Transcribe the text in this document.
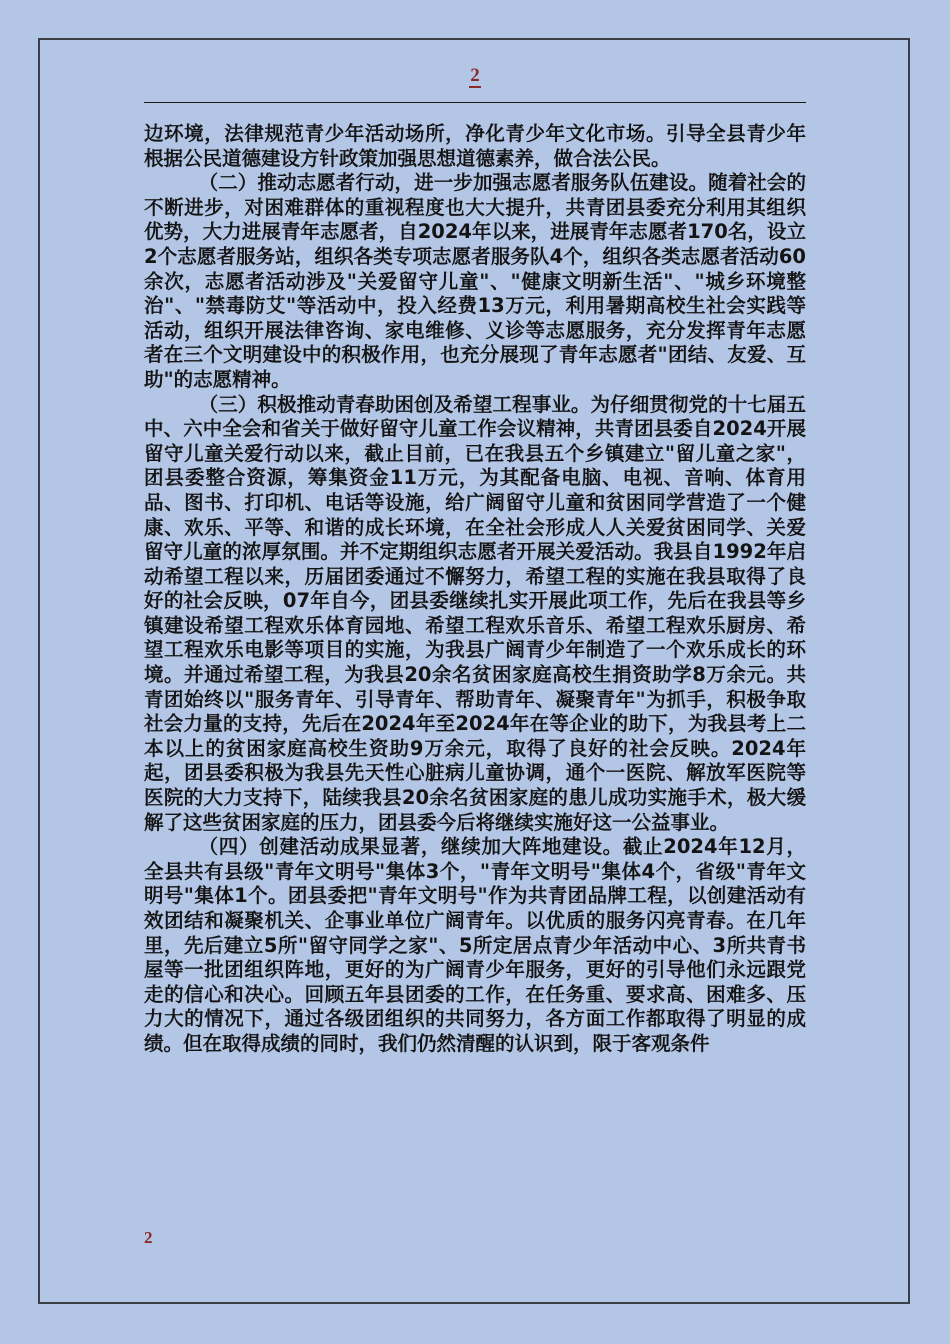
2

边环境，法律规范青少年活动场所，净化青少年文化市场。引导全县青少年根据公民道德建设方针政策加强思想道德素养，做合法公民。

（二）推动志愿者行动，进一步加强志愿者服务队伍建设。随着社会的不断进步，对困难群体的重视程度也大大提升，共青团县委充分利用其组织优势，大力进展青年志愿者，自2024年以来，进展青年志愿者170名，设立2个志愿者服务站，组织各类专项志愿者服务队4个，组织各类志愿者活动60余次，志愿者活动涉及"关爱留守儿童"、"健康文明新生活"、"城乡环境整治"、"禁毒防艾"等活动中，投入经费13万元，利用暑期高校生社会实践等活动，组织开展法律咨询、家电维修、义诊等志愿服务，充分发挥青年志愿者在三个文明建设中的积极作用，也充分展现了青年志愿者"团结、友爱、互助"的志愿精神。

（三）积极推动青春助困创及希望工程事业。为仔细贯彻党的十七届五中、六中全会和省关于做好留守儿童工作会议精神，共青团县委自2024开展留守儿童关爱行动以来，截止目前，已在我县五个乡镇建立"留儿童之家"，团县委整合资源，筹集资金11万元，为其配备电脑、电视、音响、体育用品、图书、打印机、电话等设施，给广阔留守儿童和贫困同学营造了一个健康、欢乐、平等、和谐的成长环境，在全社会形成人人关爱贫困同学、关爱留守儿童的浓厚氛围。并不定期组织志愿者开展关爱活动。我县自1992年启动希望工程以来，历届团委通过不懈努力，希望工程的实施在我县取得了良好的社会反映，07年自今，团县委继续扎实开展此项工作，先后在我县等乡镇建设希望工程欢乐体育园地、希望工程欢乐音乐、希望工程欢乐厨房、希望工程欢乐电影等项目的实施，为我县广阔青少年制造了一个欢乐成长的环境。并通过希望工程，为我县20余名贫困家庭高校生捐资助学8万余元。共青团始终以"服务青年、引导青年、帮助青年、凝聚青年"为抓手，积极争取社会力量的支持，先后在2024年至2024年在等企业的助下，为我县考上二本以上的贫困家庭高校生资助9万余元，取得了良好的社会反映。2024年起，团县委积极为我县先天性心脏病儿童协调，通个一医院、解放军医院等医院的大力支持下，陆续我县20余名贫困家庭的患儿成功实施手术，极大缓解了这些贫困家庭的压力，团县委今后将继续实施好这一公益事业。

（四）创建活动成果显著，继续加大阵地建设。截止2024年12月，全县共有县级"青年文明号"集体3个，"青年文明号"集体4个，省级"青年文明号"集体1个。团县委把"青年文明号"作为共青团品牌工程，以创建活动有效团结和凝聚机关、企事业单位广阔青年。以优质的服务闪亮青春。在几年里，先后建立5所"留守同学之家"、5所定居点青少年活动中心、3所共青书屋等一批团组织阵地，更好的为广阔青少年服务，更好的引导他们永远跟党走的信心和决心。回顾五年县团委的工作，在任务重、要求高、困难多、压力大的情况下，通过各级团组织的共同努力，各方面工作都取得了明显的成绩。但在取得成绩的同时，我们仍然清醒的认识到，限于客观条件

2
